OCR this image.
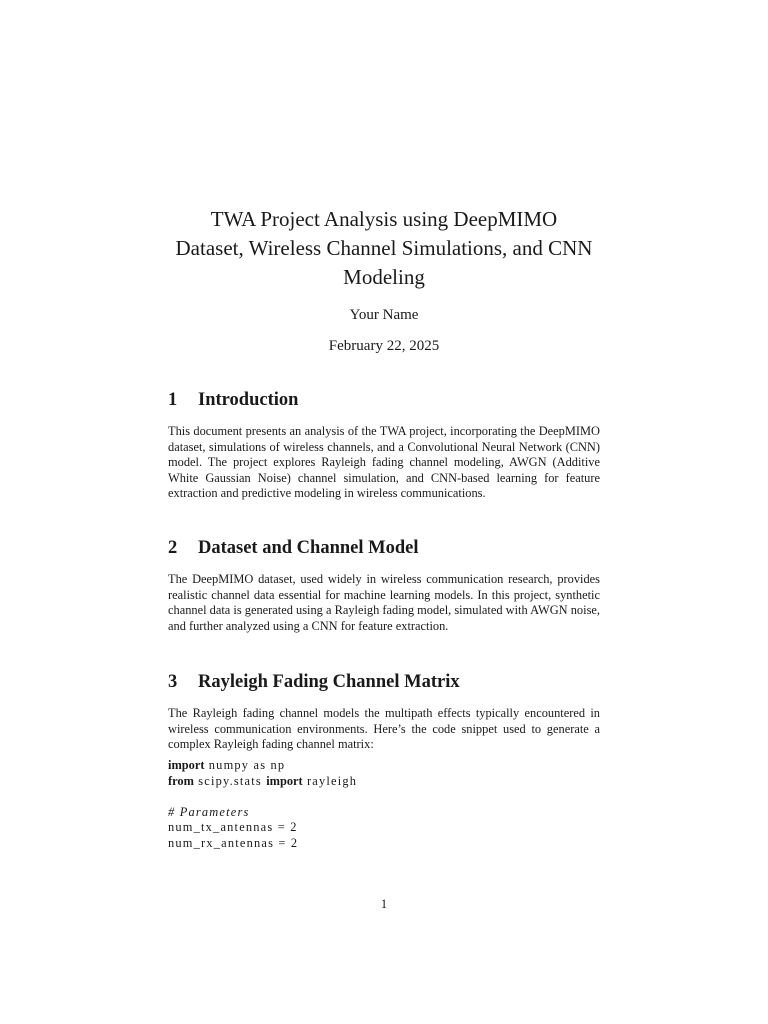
TWA Project Analysis using DeepMIMO
Dataset, Wireless Channel Simulations, and CNN
Modeling
Your Name
February 22, 2025
1 Introduction

This document presents an analysis of the TWA project, incorporating the DeepMIMO dataset, simulations of wireless channels, and a Convolutional Neural Network (CNN) model. The project explores Rayleigh fading channel modeling, AWGN (Additive White Gaussian Noise) channel simulation, and CNN-based learning for feature extraction and predictive modeling in wireless communications.

2 Dataset and Channel Model

The DeepMIMO dataset, used widely in wireless communication research, provides realistic channel data essential for machine learning models. In this project, synthetic channel data is generated using a Rayleigh fading model, simulated with AWGN noise, and further analyzed using a CNN for feature extraction.

3 Rayleigh Fading Channel Matrix

The Rayleigh fading channel models the multipath effects typically encountered in wireless communication environments. Here’s the code snippet used to generate a complex Rayleigh fading channel matrix:

import numpy as np
from scipy.stats import rayleigh
# Parameters
num_tx_antennas = 2
num_rx_antennas = 2
1
